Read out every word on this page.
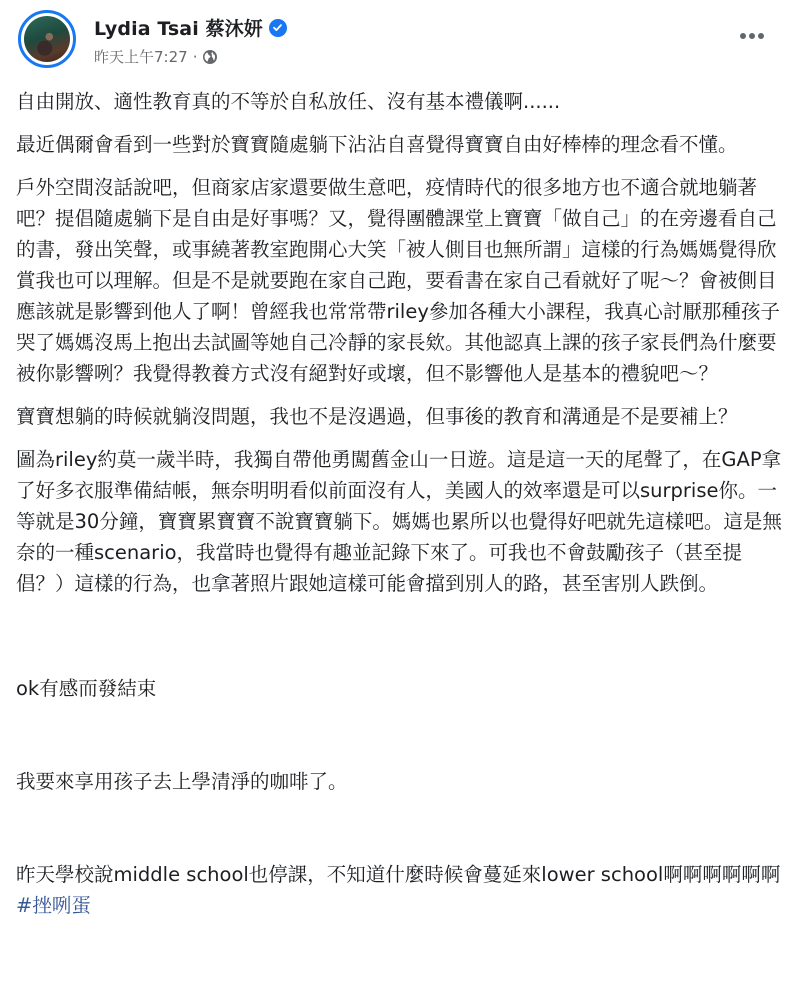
Lydia Tsai 蔡沐妍
昨天上午7:27 ·

自由開放、適性教育真的不等於自私放任、沒有基本禮儀啊......

最近偶爾會看到一些對於寶寶隨處躺下沾沾自喜覺得寶寶自由好棒棒的理念看不懂。

戶外空間沒話說吧，但商家店家還要做生意吧，疫情時代的很多地方也不適合就地躺著吧？提倡隨處躺下是自由是好事嗎？又，覺得團體課堂上寶寶「做自己」的在旁邊看自己的書，發出笑聲，或事繞著教室跑開心大笑「被人側目也無所謂」這樣的行為媽媽覺得欣賞我也可以理解。但是不是就要跑在家自己跑，要看書在家自己看就好了呢～？會被側目應該就是影響到他人了啊！曾經我也常常帶riley參加各種大小課程，我真心討厭那種孩子哭了媽媽沒馬上抱出去試圖等她自己冷靜的家長欸。其他認真上課的孩子家長們為什麼要被你影響咧？我覺得教養方式沒有絕對好或壞，但不影響他人是基本的禮貌吧～？

寶寶想躺的時候就躺沒問題，我也不是沒遇過，但事後的教育和溝通是不是要補上？

圖為riley約莫一歲半時，我獨自帶他勇闖舊金山一日遊。這是這一天的尾聲了，在GAP拿了好多衣服準備結帳，無奈明明看似前面沒有人，美國人的效率還是可以surprise你。一等就是30分鐘，寶寶累寶寶不說寶寶躺下。媽媽也累所以也覺得好吧就先這樣吧。這是無奈的一種scenario，我當時也覺得有趣並記錄下來了。可我也不會鼓勵孩子（甚至提倡？）這樣的行為，也拿著照片跟她這樣可能會擋到別人的路，甚至害別人跌倒。

ok有感而發結束

我要來享用孩子去上學清淨的咖啡了。

昨天學校說middle school也停課，不知道什麼時候會蔓延來lower school啊啊啊啊啊啊 #挫咧蛋
